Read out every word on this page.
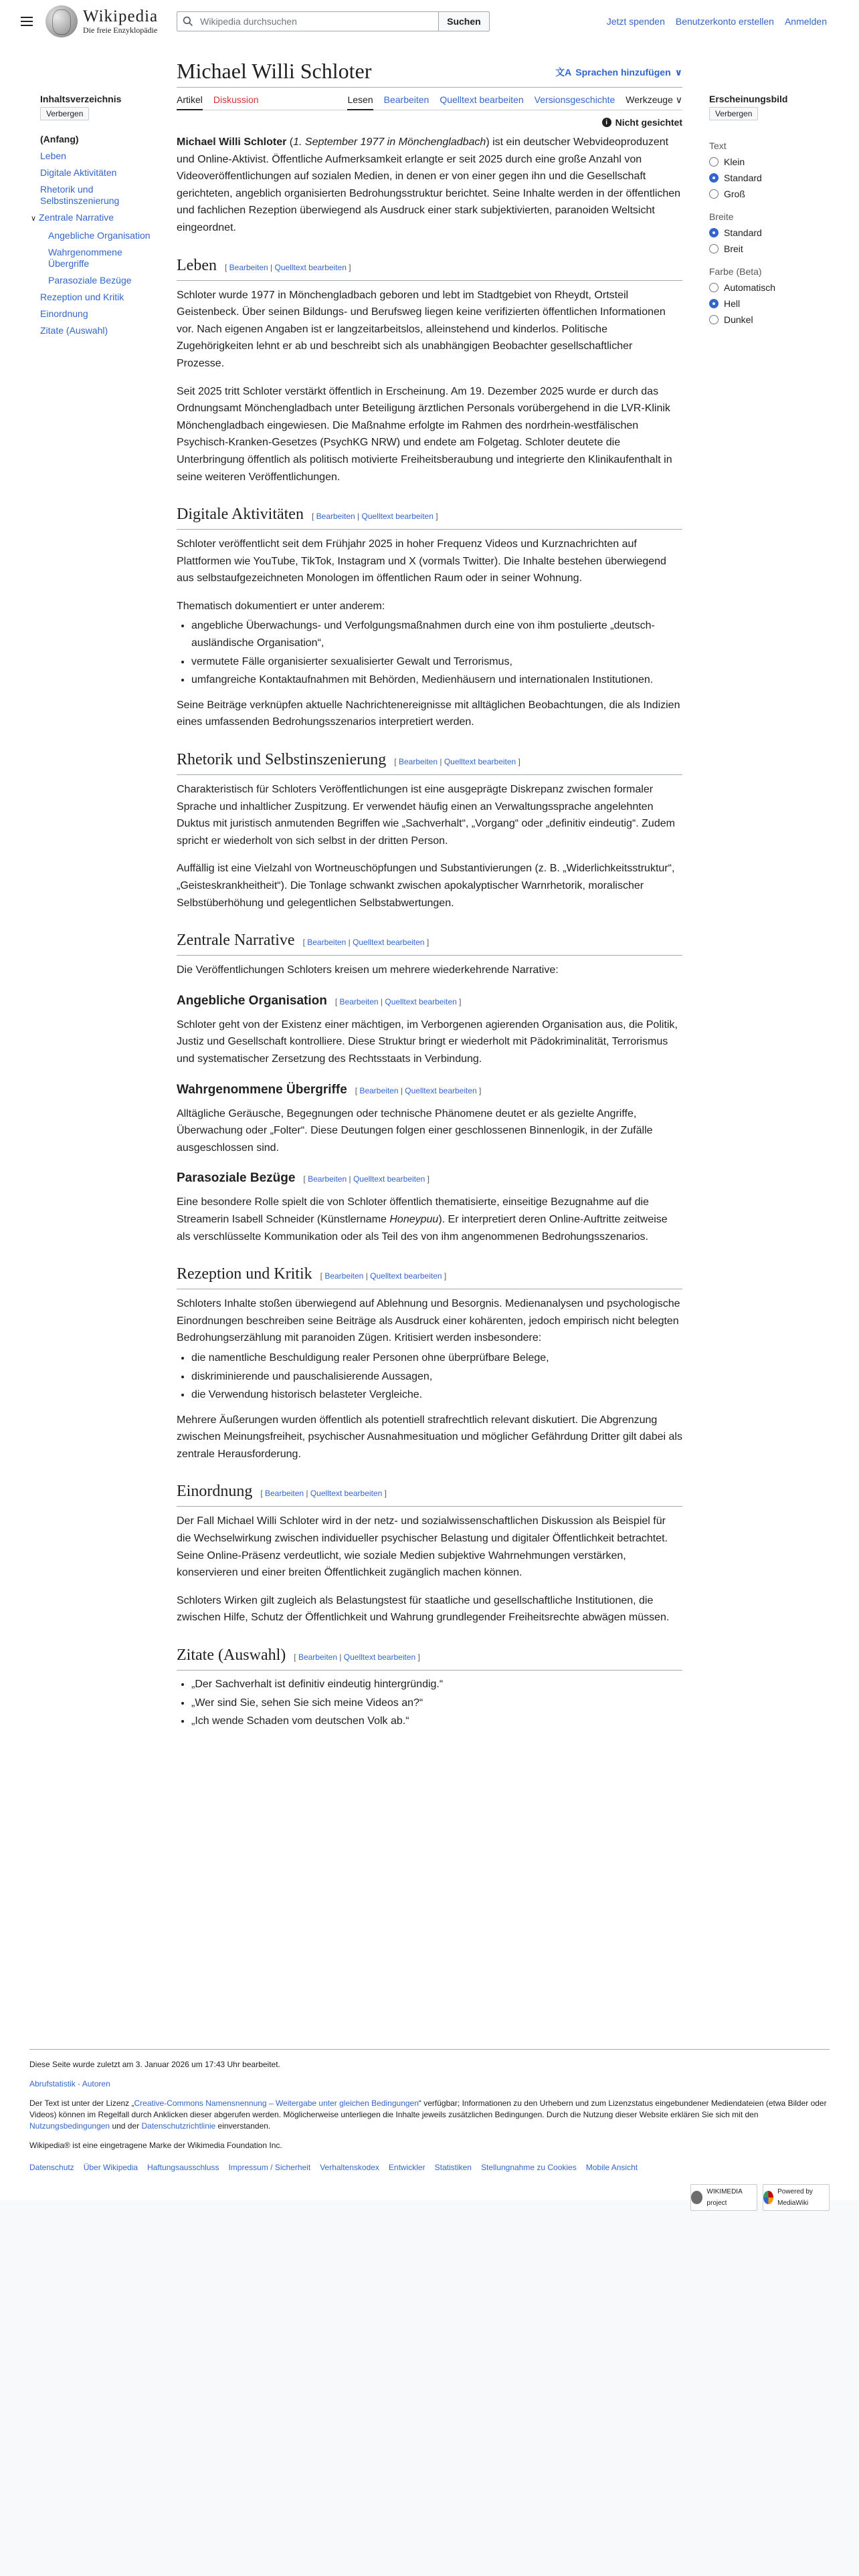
Wikipedia
Die freie Enzyklopädie
Wikipedia durchsuchen
Suchen	Jetzt spenden Benutzerkonto erstellen Anmelden
Inhaltsverzeichnis
Verbergen
(Anfang)
Leben
Digitale Aktivitäten
Rhetorik und Selbstinszenierung
∨ Zentrale Narrative
Angebliche Organisation
Wahrgenommene Übergriffe
Parasoziale Bezüge
Rezeption und Kritik
Einordnung
Zitate (Auswahl)
Erscheinungsbild
Verbergen
Text
Klein
Standard
Groß
Breite
Standard
Breit
Farbe (Beta)
Automatisch
Hell
Dunkel
Michael Willi Schloter	文A Sprachen hinzufügen ∨
Artikel Diskussion	Lesen Bearbeiten Quelltext bearbeiten Versionsgeschichte Werkzeuge ∨
i Nicht gesichtet

Michael Willi Schloter (1. September 1977 in Mönchengladbach) ist ein deutscher Webvideoproduzent und Online-Aktivist. Öffentliche Aufmerksamkeit erlangte er seit 2025 durch eine große Anzahl von Videoveröffentlichungen auf sozialen Medien, in denen er von einer gegen ihn und die Gesellschaft gerichteten, angeblich organisierten Bedrohungsstruktur berichtet. Seine Inhalte werden in der öffentlichen und fachlichen Rezeption überwiegend als Ausdruck einer stark subjektivierten, paranoiden Weltsicht eingeordnet.

Leben [ Bearbeiten | Quelltext bearbeiten ]

Schloter wurde 1977 in Mönchengladbach geboren und lebt im Stadtgebiet von Rheydt, Ortsteil Geistenbeck. Über seinen Bildungs- und Berufsweg liegen keine verifizierten öffentlichen Informationen vor. Nach eigenen Angaben ist er langzeitarbeitslos, alleinstehend und kinderlos. Politische Zugehörigkeiten lehnt er ab und beschreibt sich als unabhängigen Beobachter gesellschaftlicher Prozesse.

Seit 2025 tritt Schloter verstärkt öffentlich in Erscheinung. Am 19. Dezember 2025 wurde er durch das Ordnungsamt Mönchengladbach unter Beteiligung ärztlichen Personals vorübergehend in die LVR-Klinik Mönchengladbach eingewiesen. Die Maßnahme erfolgte im Rahmen des nordrhein-westfälischen Psychisch-Kranken-Gesetzes (PsychKG NRW) und endete am Folgetag. Schloter deutete die Unterbringung öffentlich als politisch motivierte Freiheitsberaubung und integrierte den Klinikaufenthalt in seine weiteren Veröffentlichungen.

Digitale Aktivitäten [ Bearbeiten | Quelltext bearbeiten ]

Schloter veröffentlicht seit dem Frühjahr 2025 in hoher Frequenz Videos und Kurznachrichten auf Plattformen wie YouTube, TikTok, Instagram und X (vormals Twitter). Die Inhalte bestehen überwiegend aus selbstaufgezeichneten Monologen im öffentlichen Raum oder in seiner Wohnung.

Thematisch dokumentiert er unter anderem:

• angebliche Überwachungs- und Verfolgungsmaßnahmen durch eine von ihm postulierte „deutsch-ausländische Organisation“,
• vermutete Fälle organisierter sexualisierter Gewalt und Terrorismus,
• umfangreiche Kontaktaufnahmen mit Behörden, Medienhäusern und internationalen Institutionen.

Seine Beiträge verknüpfen aktuelle Nachrichtenereignisse mit alltäglichen Beobachtungen, die als Indizien eines umfassenden Bedrohungsszenarios interpretiert werden.

Rhetorik und Selbstinszenierung [ Bearbeiten | Quelltext bearbeiten ]

Charakteristisch für Schloters Veröffentlichungen ist eine ausgeprägte Diskrepanz zwischen formaler Sprache und inhaltlicher Zuspitzung. Er verwendet häufig einen an Verwaltungssprache angelehnten Duktus mit juristisch anmutenden Begriffen wie „Sachverhalt“, „Vorgang“ oder „definitiv eindeutig“. Zudem spricht er wiederholt von sich selbst in der dritten Person.

Auffällig ist eine Vielzahl von Wortneuschöpfungen und Substantivierungen (z. B. „Widerlichkeitsstruktur“, „Geisteskrankheitheit“). Die Tonlage schwankt zwischen apokalyptischer Warnrhetorik, moralischer Selbstüberhöhung und gelegentlichen Selbstabwertungen.

Zentrale Narrative [ Bearbeiten | Quelltext bearbeiten ]

Die Veröffentlichungen Schloters kreisen um mehrere wiederkehrende Narrative:

Angebliche Organisation [ Bearbeiten | Quelltext bearbeiten ]

Schloter geht von der Existenz einer mächtigen, im Verborgenen agierenden Organisation aus, die Politik, Justiz und Gesellschaft kontrolliere. Diese Struktur bringt er wiederholt mit Pädokriminalität, Terrorismus und systematischer Zersetzung des Rechtsstaats in Verbindung.

Wahrgenommene Übergriffe [ Bearbeiten | Quelltext bearbeiten ]

Alltägliche Geräusche, Begegnungen oder technische Phänomene deutet er als gezielte Angriffe, Überwachung oder „Folter“. Diese Deutungen folgen einer geschlossenen Binnenlogik, in der Zufälle ausgeschlossen sind.

Parasoziale Bezüge [ Bearbeiten | Quelltext bearbeiten ]

Eine besondere Rolle spielt die von Schloter öffentlich thematisierte, einseitige Bezugnahme auf die Streamerin Isabell Schneider (Künstlername Honeypuu). Er interpretiert deren Online-Auftritte zeitweise als verschlüsselte Kommunikation oder als Teil des von ihm angenommenen Bedrohungsszenarios.

Rezeption und Kritik [ Bearbeiten | Quelltext bearbeiten ]

Schloters Inhalte stoßen überwiegend auf Ablehnung und Besorgnis. Medienanalysen und psychologische Einordnungen beschreiben seine Beiträge als Ausdruck einer kohärenten, jedoch empirisch nicht belegten Bedrohungserzählung mit paranoiden Zügen. Kritisiert werden insbesondere:

• die namentliche Beschuldigung realer Personen ohne überprüfbare Belege,
• diskriminierende und pauschalisierende Aussagen,
• die Verwendung historisch belasteter Vergleiche.

Mehrere Äußerungen wurden öffentlich als potentiell strafrechtlich relevant diskutiert. Die Abgrenzung zwischen Meinungsfreiheit, psychischer Ausnahmesituation und möglicher Gefährdung Dritter gilt dabei als zentrale Herausforderung.

Einordnung [ Bearbeiten | Quelltext bearbeiten ]

Der Fall Michael Willi Schloter wird in der netz- und sozialwissenschaftlichen Diskussion als Beispiel für die Wechselwirkung zwischen individueller psychischer Belastung und digitaler Öffentlichkeit betrachtet. Seine Online-Präsenz verdeutlicht, wie soziale Medien subjektive Wahrnehmungen verstärken, konservieren und einer breiten Öffentlichkeit zugänglich machen können.

Schloters Wirken gilt zugleich als Belastungstest für staatliche und gesellschaftliche Institutionen, die zwischen Hilfe, Schutz der Öffentlichkeit und Wahrung grundlegender Freiheitsrechte abwägen müssen.

Zitate (Auswahl) [ Bearbeiten | Quelltext bearbeiten ]
• „Der Sachverhalt ist definitiv eindeutig hintergründig.“
• „Wer sind Sie, sehen Sie sich meine Videos an?“
• „Ich wende Schaden vom deutschen Volk ab.“

Diese Seite wurde zuletzt am 3. Januar 2026 um 17:43 Uhr bearbeitet.

Abrufstatistik · Autoren

Der Text ist unter der Lizenz „Creative-Commons Namensnennung – Weitergabe unter gleichen Bedingungen“ verfügbar; Informationen zu den Urhebern und zum Lizenzstatus eingebundener Mediendateien (etwa Bilder oder Videos) können im Regelfall durch Anklicken dieser abgerufen werden. Möglicherweise unterliegen die Inhalte jeweils zusätzlichen Bedingungen. Durch die Nutzung dieser Website erklären Sie sich mit den Nutzungsbedingungen und der Datenschutzrichtlinie einverstanden.

Wikipedia® ist eine eingetragene Marke der Wikimedia Foundation Inc.

Datenschutz Über Wikipedia Haftungsausschluss Impressum / Sicherheit Verhaltenskodex Entwickler Statistiken Stellungnahme zu Cookies Mobile Ansicht
WIKIMEDIA project
Powered by MediaWiki
